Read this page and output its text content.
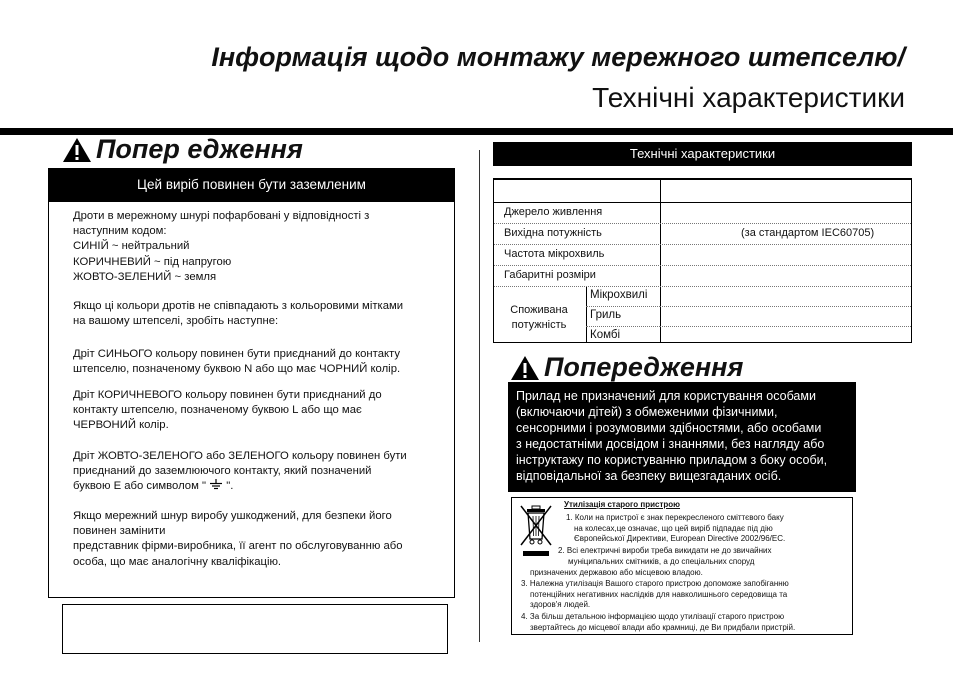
Інформація щодо монтажу мережного штепселю/
Технічні характеристики
Попер едження
Цей виріб повинен бути заземленим
Дроти в мережному шнурі пофарбовані у відповідності з
наступним кодом:
СИНІЙ ~ нейтральний
КОРИЧНЕВИЙ ~ під напругою
ЖОВТО-ЗЕЛЕНИЙ ~ земля
Якщо ці кольори дротів не співпадають з кольоровими мітками
на вашому штепселі, зробіть наступне:
Дріт СИНЬОГО кольору повинен бути приєднаний до контакту
штепселю, позначеному буквою N або що має ЧОРНИЙ колір.
Дріт КОРИЧНЕВОГО кольору повинен бути приєднаний до
контакту штепселю, позначеному буквою L або що має
ЧЕРВОНИЙ колір.
Дріт ЖОВТО-ЗЕЛЕНОГО або ЗЕЛЕНОГО кольору повинен бути
приєднаний до заземлюючого контакту, який позначений
буквою E або символом " ".
Якщо мережний шнур виробу ушкоджений, для безпеки його
повинен замінити
представник фірми-виробника, її агент по обслуговуванню або
особа, що має аналогічну кваліфікацію.
Технічні характеристики
Джерело живлення
Вихідна потужність	(за стандартом IEC60705)
Частота мікрохвиль
Габаритні розміри
Споживана
потужність
Мікрохвилі
Гриль
Комбі
Попередження
Прилад не призначений для користування особами
(включаючи дітей) з обмеженими фізичними,
сенсорними і розумовими здібностями, або особами
з недостатніми досвідом і знаннями, без нагляду або
інструктажу по користуванню приладом з боку особи,
відповідальної за безпеку вищезгаданих осіб.
Утилізація старого пристрою
1. Коли на пристрої є знак перекресленого сміттєвого баку
на колесах,це означає, що цей виріб підпадає під дію
Європейської Директиви, European Directive 2002/96/EC.
2. Всі електричні вироби треба викидати не до звичайних
муніципальних смітників, а до спеціальних споруд
призначених державою або місцевою владою.
3. Належна утилізація Вашого старого пристрою допоможе запобіганню
потенційних негативних наслідків для навколишнього середовища та
здоров'я людей.
4. За більш детальною інформацією щодо утилізації старого пристрою
звертайтесь до місцевої влади або крамниці, де Ви придбали пристрій.
